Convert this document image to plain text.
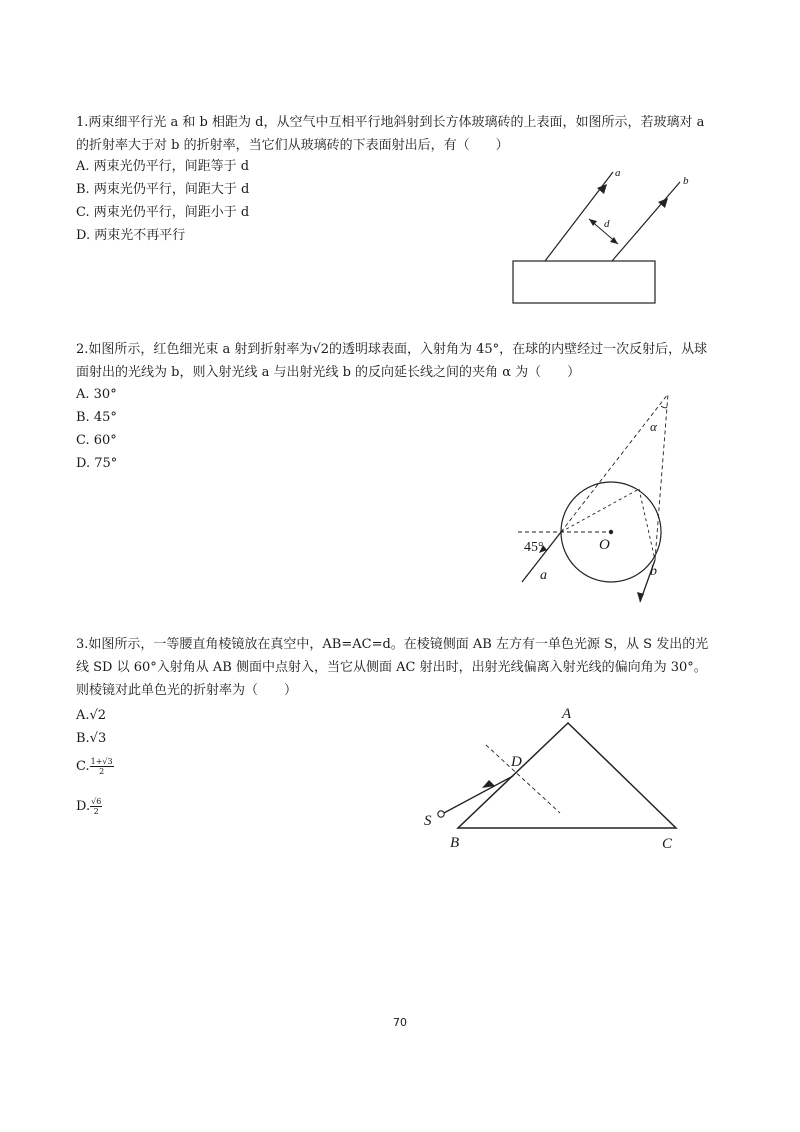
1.两束细平行光 a 和 b 相距为 d，从空气中互相平行地斜射到长方体玻璃砖的上表面，如图所示，若玻璃对 a 的折射率大于对 b 的折射率，当它们从玻璃砖的下表面射出后，有（　　）
A. 两束光仍平行，间距等于 d
B. 两束光仍平行，间距大于 d
C. 两束光仍平行，间距小于 d
D. 两束光不再平行
a
b
d
2.如图所示，红色细光束 a 射到折射率为√2的透明球表面，入射角为 45°，在球的内壁经过一次反射后，从球面射出的光线为 b，则入射光线 a 与出射光线 b 的反向延长线之间的夹角 α 为（　　）
A. 30°
B. 45°
C. 60°
D. 75°
45°	O
a	b
α
3.如图所示，一等腰直角棱镜放在真空中，AB=AC=d。在棱镜侧面 AB 左方有一单色光源 S，从 S 发出的光线 SD 以 60°入射角从 AB 侧面中点射入，当它从侧面 AC 射出时，出射光线偏离入射光线的偏向角为 30°。则棱镜对此单色光的折射率为（　　）
A.√2
B.√3
C. $\frac{1+√3}{2}$
D. $\frac{√6}{2}$
A
B	C
D
S
70
